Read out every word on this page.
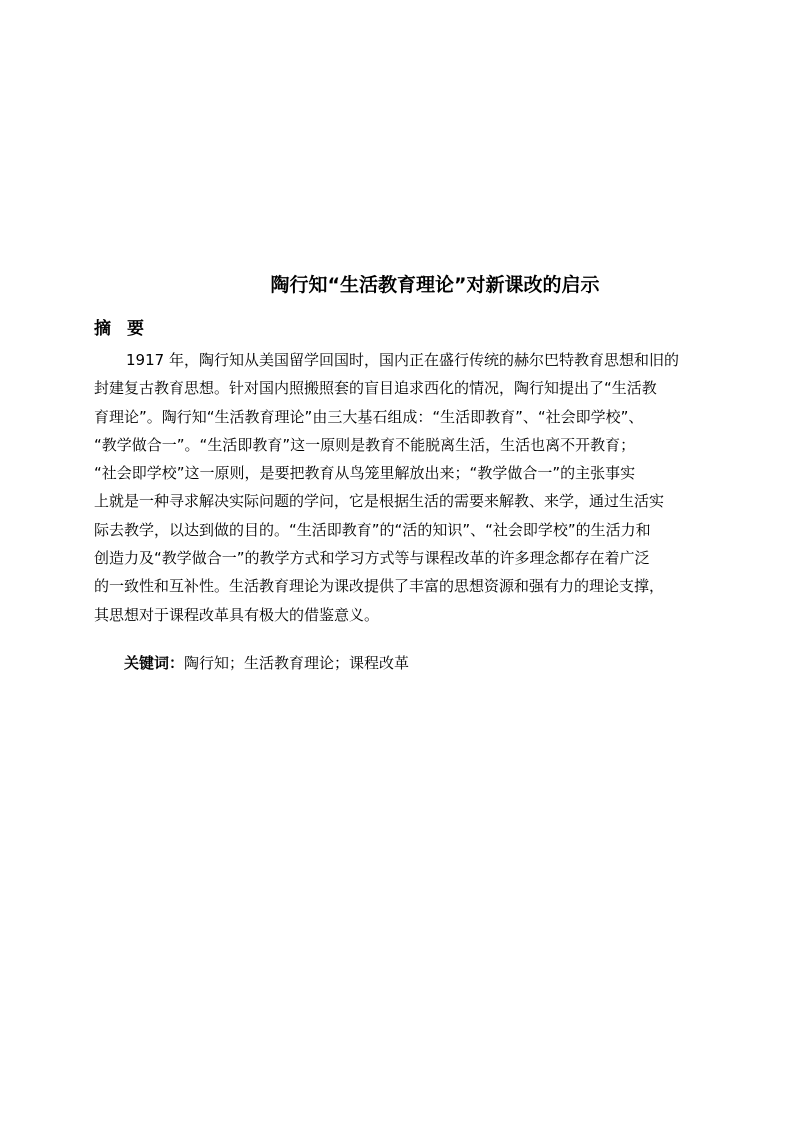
陶行知“生活教育理论”对新课改的启示
摘 要
1917 年，陶行知从美国留学回国时，国内正在盛行传统的赫尔巴特教育思想和旧的
封建复古教育思想。针对国内照搬照套的盲目追求西化的情况，陶行知提出了“生活教
育理论”。陶行知“生活教育理论”由三大基石组成：“生活即教育”、“社会即学校”、
“教学做合一”。“生活即教育”这一原则是教育不能脱离生活，生活也离不开教育；
“社会即学校”这一原则，是要把教育从鸟笼里解放出来；“教学做合一”的主张事实
上就是一种寻求解决实际问题的学问，它是根据生活的需要来解教、来学，通过生活实
际去教学，以达到做的目的。“生活即教育”的“活的知识”、“社会即学校”的生活力和
创造力及“教学做合一”的教学方式和学习方式等与课程改革的许多理念都存在着广泛
的一致性和互补性。生活教育理论为课改提供了丰富的思想资源和强有力的理论支撑，
其思想对于课程改革具有极大的借鉴意义。
关键词：陶行知；生活教育理论；课程改革
